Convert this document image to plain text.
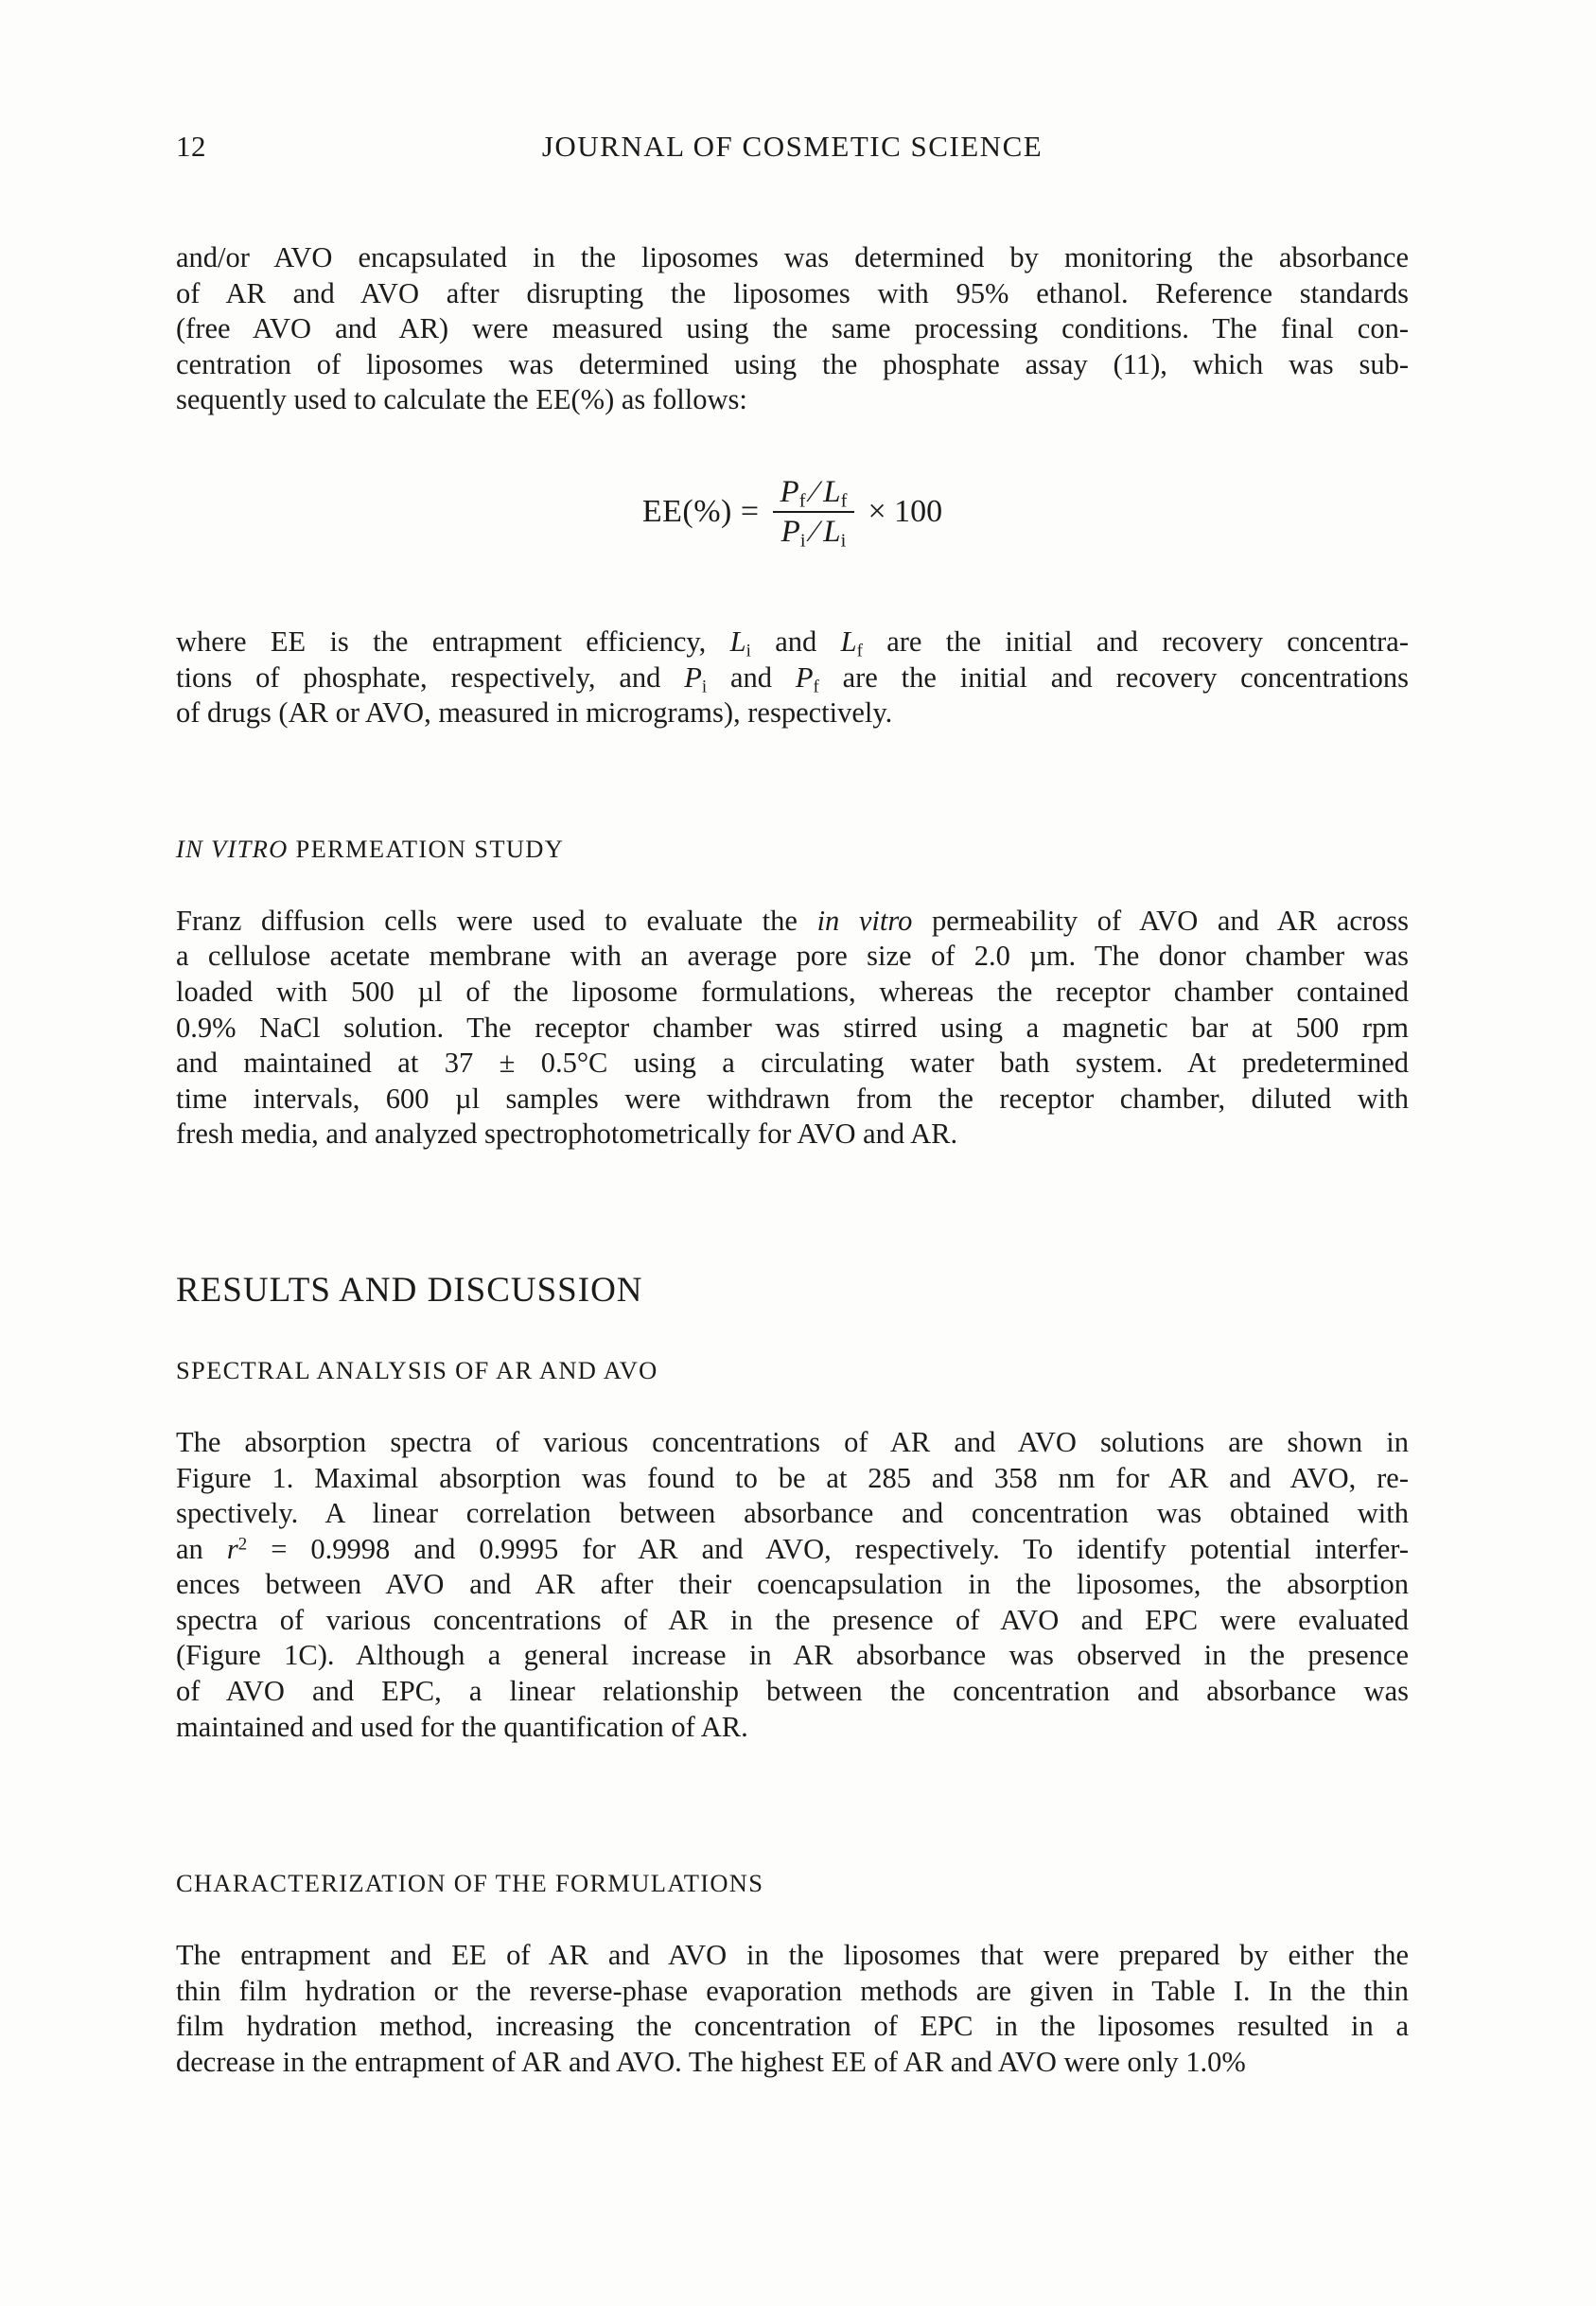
12	JOURNAL OF COSMETIC SCIENCE
and/or AVO encapsulated in the liposomes was determined by monitoring the absorbance
of AR and AVO after disrupting the liposomes with 95% ethanol. Reference standards
(free AVO and AR) were measured using the same processing conditions. The final con-
centration of liposomes was determined using the phosphate assay (11), which was sub-
sequently used to calculate the EE(%) as follows:
$EE(\%) = \frac{P_f ⁄ L_f}{P_i ⁄ L_i} \times 100$
where EE is the entrapment efficiency, $L_i$ and $L_f$ are the initial and recovery concentra-
tions of phosphate, respectively, and $P_i$ and $P_f$ are the initial and recovery concentrations
of drugs (AR or AVO, measured in micrograms), respectively.
IN VITRO PERMEATION STUDY
Franz diffusion cells were used to evaluate the in vitro permeability of AVO and AR across
a cellulose acetate membrane with an average pore size of 2.0 µm. The donor chamber was
loaded with 500 µl of the liposome formulations, whereas the receptor chamber contained
0.9% NaCl solution. The receptor chamber was stirred using a magnetic bar at 500 rpm
and maintained at 37 ± 0.5°C using a circulating water bath system. At predetermined
time intervals, 600 µl samples were withdrawn from the receptor chamber, diluted with
fresh media, and analyzed spectrophotometrically for AVO and AR.
RESULTS AND DISCUSSION
SPECTRAL ANALYSIS OF AR AND AVO
The absorption spectra of various concentrations of AR and AVO solutions are shown in
Figure 1. Maximal absorption was found to be at 285 and 358 nm for AR and AVO, re-
spectively. A linear correlation between absorbance and concentration was obtained with
an $r^2 = 0.9998$ and 0.9995 for AR and AVO, respectively. To identify potential interfer-
ences between AVO and AR after their coencapsulation in the liposomes, the absorption
spectra of various concentrations of AR in the presence of AVO and EPC were evaluated
(Figure 1C). Although a general increase in AR absorbance was observed in the presence
of AVO and EPC, a linear relationship between the concentration and absorbance was
maintained and used for the quantification of AR.
CHARACTERIZATION OF THE FORMULATIONS
The entrapment and EE of AR and AVO in the liposomes that were prepared by either the
thin film hydration or the reverse-phase evaporation methods are given in Table I. In the thin
film hydration method, increasing the concentration of EPC in the liposomes resulted in a
decrease in the entrapment of AR and AVO. The highest EE of AR and AVO were only 1.0%
